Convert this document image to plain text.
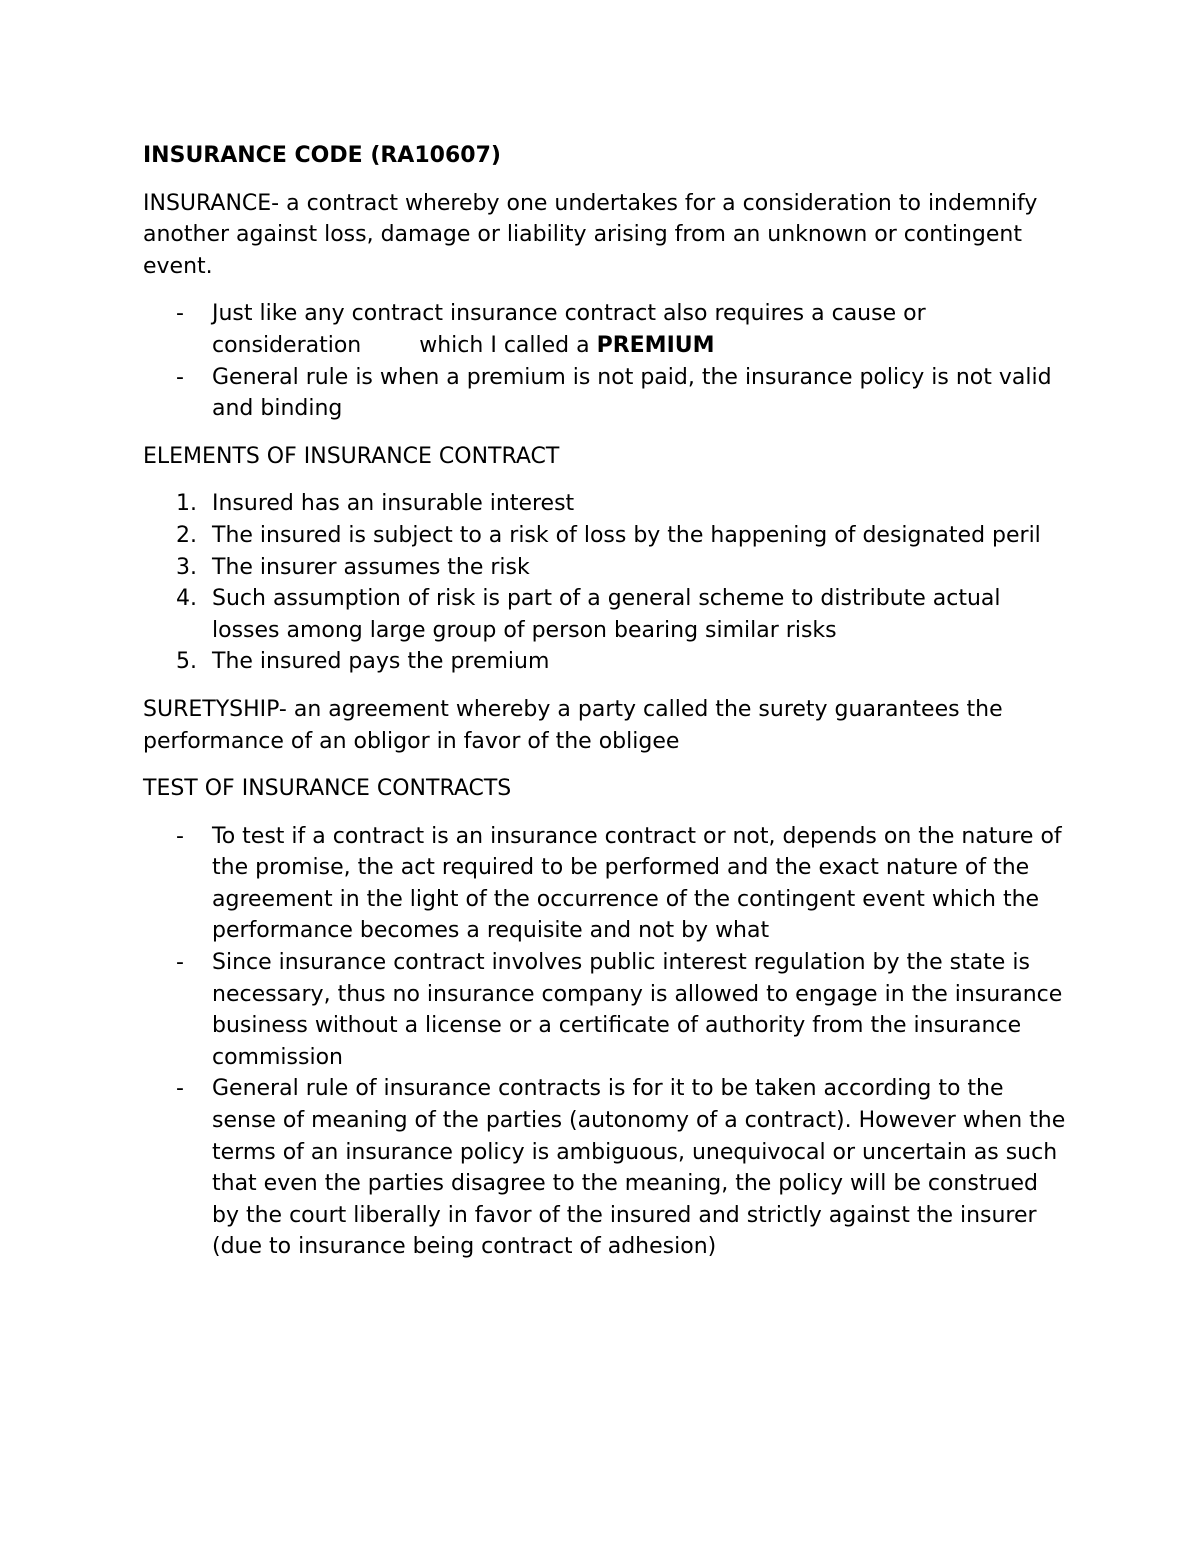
INSURANCE CODE (RA10607)
INSURANCE- a contract whereby one undertakes for a consideration to indemnify another against loss, damage or liability arising from an unknown or contingent event.
-	Just like any contract insurance contract also requires a cause or consideration	which I called a PREMIUM
-	General rule is when a premium is not paid, the insurance policy is not valid and binding
ELEMENTS OF INSURANCE CONTRACT
1. Insured has an insurable interest
2. The insured is subject to a risk of loss by the happening of designated peril
3. The insurer assumes the risk
4. Such assumption of risk is part of a general scheme to distribute actual losses among large group of person bearing similar risks
5. The insured pays the premium
SURETYSHIP- an agreement whereby a party called the surety guarantees the performance of an obligor in favor of the obligee
TEST OF INSURANCE CONTRACTS
-	To test if a contract is an insurance contract or not, depends on the nature of the promise, the act required to be performed and the exact nature of the agreement in the light of the occurrence of the contingent event which the performance becomes a requisite and not by what
-	Since insurance contract involves public interest regulation by the state is necessary, thus no insurance company is allowed to engage in the insurance business without a license or a certificate of authority from the insurance commission
-	General rule of insurance contracts is for it to be taken according to the sense of meaning of the parties (autonomy of a contract). However when the terms of an insurance policy is ambiguous, unequivocal or uncertain as such that even the parties disagree to the meaning, the policy will be construed by the court liberally in favor of the insured and strictly against the insurer (due to insurance being contract of adhesion)
